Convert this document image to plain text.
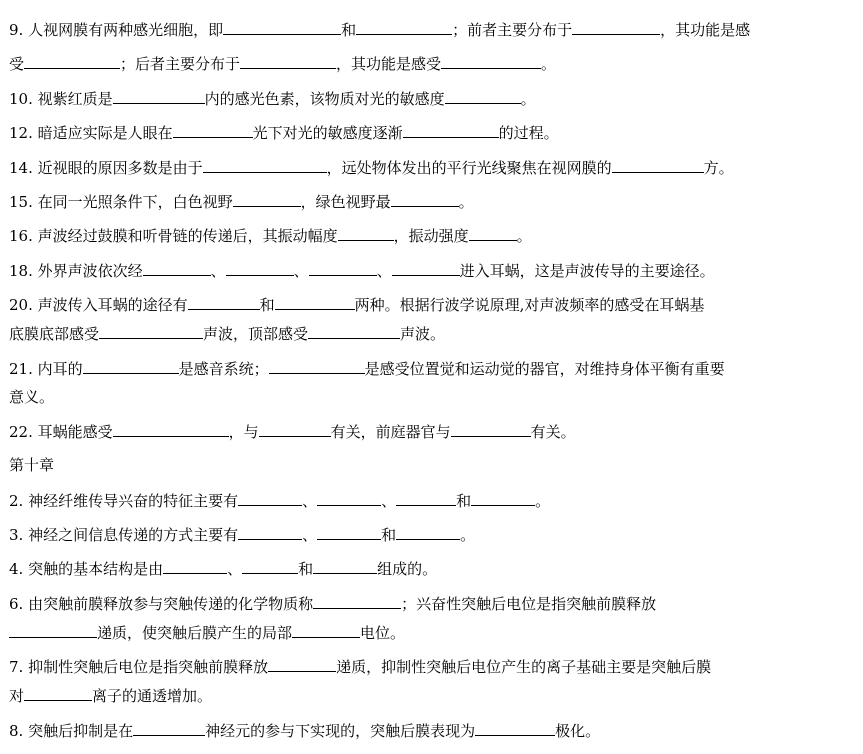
9. 人视网膜有两种感光细胞，即	和	；前者主要分布于	，其功能是感
受	；后者主要分布于	，其功能是感受	。
10. 视紫红质是	内的感光色素，该物质对光的敏感度	。
12. 暗适应实际是人眼在	光下对光的敏感度逐渐	的过程。
14. 近视眼的原因多数是由于	，远处物体发出的平行光线聚焦在视网膜的	方。
15. 在同一光照条件下，白色视野	，绿色视野最	。
16. 声波经过鼓膜和听骨链的传递后，其振动幅度	，振动强度	。
18. 外界声波依次经	、	、	、	进入耳蜗，这是声波传导的主要途径。
20. 声波传入耳蜗的途径有	和	两种。根据行波学说原理,对声波频率的感受在耳蜗基
底膜底部感受	声波，顶部感受	声波。
21. 内耳的	是感音系统；	是感受位置觉和运动觉的器官，对维持身体平衡有重要
意义。
22. 耳蜗能感受	，与	有关，前庭器官与	有关。
第十章
2. 神经纤维传导兴奋的特征主要有	、	、	和	。
3. 神经之间信息传递的方式主要有	、	和	。
4. 突触的基本结构是由	、	和	组成的。
6. 由突触前膜释放参与突触传递的化学物质称	；兴奋性突触后电位是指突触前膜释放
递质，使突触后膜产生的局部	电位。
7. 抑制性突触后电位是指突触前膜释放	递质，抑制性突触后电位产生的离子基础主要是突触后膜
对	离子的通透增加。
8. 突触后抑制是在	神经元的参与下实现的，突触后膜表现为	极化。
